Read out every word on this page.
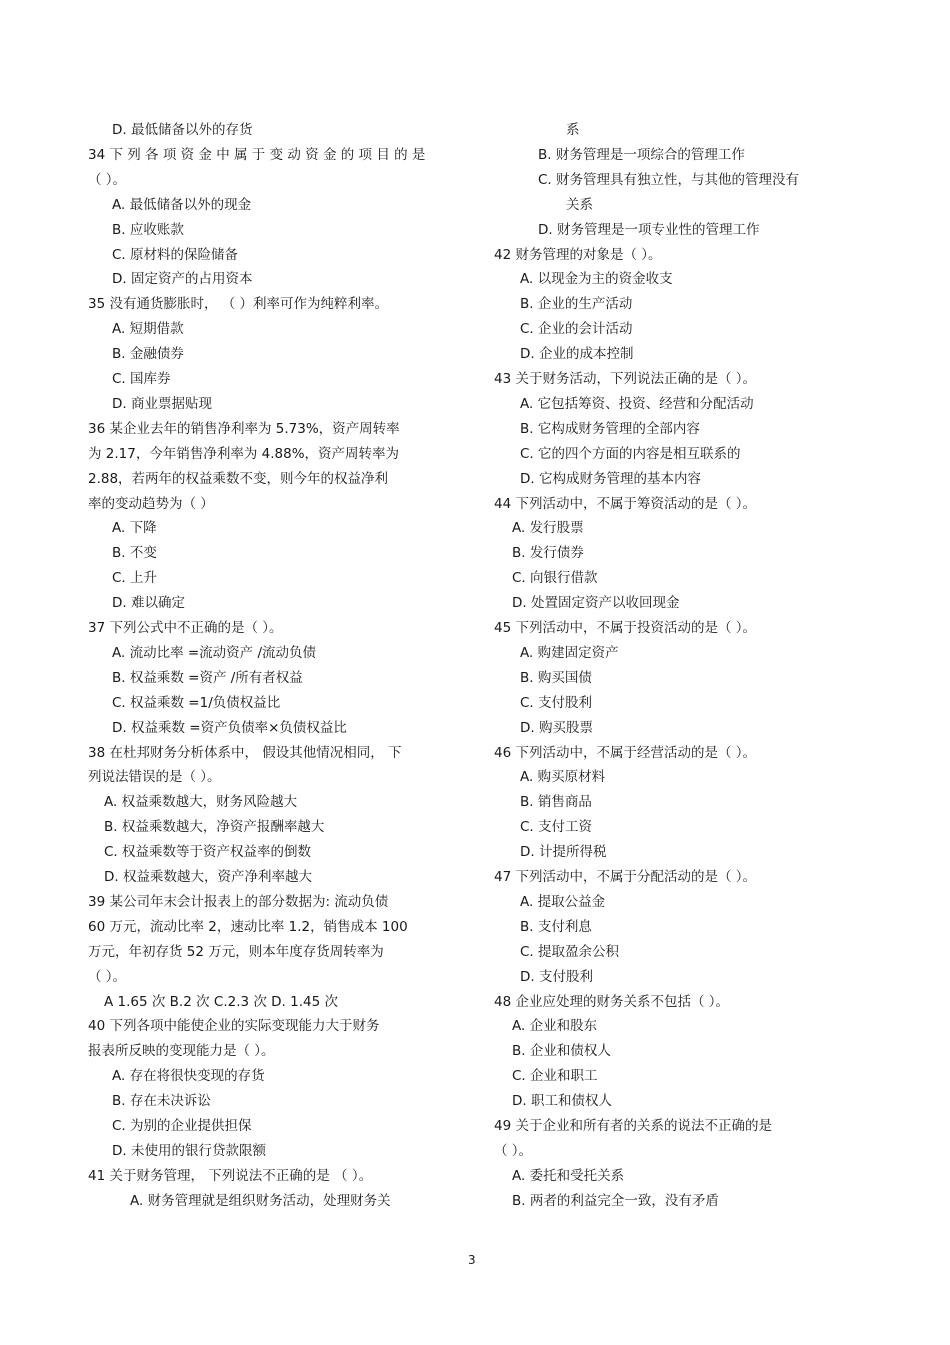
D. 最低储备以外的存货
34 下 列 各 项 资 金 中 属 于 变 动 资 金 的 项 目 的 是
（ ）。
A. 最低储备以外的现金
B. 应收账款
C. 原材料的保险储备
D. 固定资产的占用资本
35 没有通货膨胀时， （ ）利率可作为纯粹利率。
A. 短期借款
B. 金融债券
C. 国库券
D. 商业票据贴现
36 某企业去年的销售净利率为 5.73%，资产周转率
为 2.17，今年销售净利率为 4.88%，资产周转率为
2.88，若两年的权益乘数不变，则今年的权益净利
率的变动趋势为（ ）
A. 下降
B. 不变
C. 上升
D. 难以确定
37 下列公式中不正确的是（ ）。
A. 流动比率 =流动资产 /流动负债
B. 权益乘数 =资产 /所有者权益
C. 权益乘数 =1/负债权益比
D. 权益乘数 =资产负债率×负债权益比
38 在杜邦财务分析体系中， 假设其他情况相同， 下
列说法错误的是（ ）。
A. 权益乘数越大，财务风险越大
B. 权益乘数越大，净资产报酬率越大
C. 权益乘数等于资产权益率的倒数
D. 权益乘数越大，资产净利率越大
39 某公司年末会计报表上的部分数据为: 流动负债
60 万元，流动比率 2，速动比率 1.2，销售成本 100
万元，年初存货 52 万元，则本年度存货周转率为
（ ）。
A 1.65 次 B.2 次 C.2.3 次 D. 1.45 次
40 下列各项中能使企业的实际变现能力大于财务
报表所反映的变现能力是（ ）。
A. 存在将很快变现的存货
B. 存在未决诉讼
C. 为别的企业提供担保
D. 未使用的银行贷款限额
41 关于财务管理， 下列说法不正确的是 （ ）。
A. 财务管理就是组织财务活动，处理财务关
系
B. 财务管理是一项综合的管理工作
C. 财务管理具有独立性，与其他的管理没有
关系
D. 财务管理是一项专业性的管理工作
42 财务管理的对象是（ ）。
A. 以现金为主的资金收支
B. 企业的生产活动
C. 企业的会计活动
D. 企业的成本控制
43 关于财务活动，下列说法正确的是（ ）。
A. 它包括筹资、投资、经营和分配活动
B. 它构成财务管理的全部内容
C. 它的四个方面的内容是相互联系的
D. 它构成财务管理的基本内容
44 下列活动中，不属于筹资活动的是（ ）。
A. 发行股票
B. 发行债券
C. 向银行借款
D. 处置固定资产以收回现金
45 下列活动中，不属于投资活动的是（ ）。
A. 购建固定资产
B. 购买国债
C. 支付股利
D. 购买股票
46 下列活动中，不属于经营活动的是（ ）。
A. 购买原材料
B. 销售商品
C. 支付工资
D. 计提所得税
47 下列活动中，不属于分配活动的是（ ）。
A. 提取公益金
B. 支付利息
C. 提取盈余公积
D. 支付股利
48 企业应处理的财务关系不包括（ ）。
A. 企业和股东
B. 企业和债权人
C. 企业和职工
D. 职工和债权人
49 关于企业和所有者的关系的说法不正确的是
（ ）。
A. 委托和受托关系
B. 两者的利益完全一致，没有矛盾
3
